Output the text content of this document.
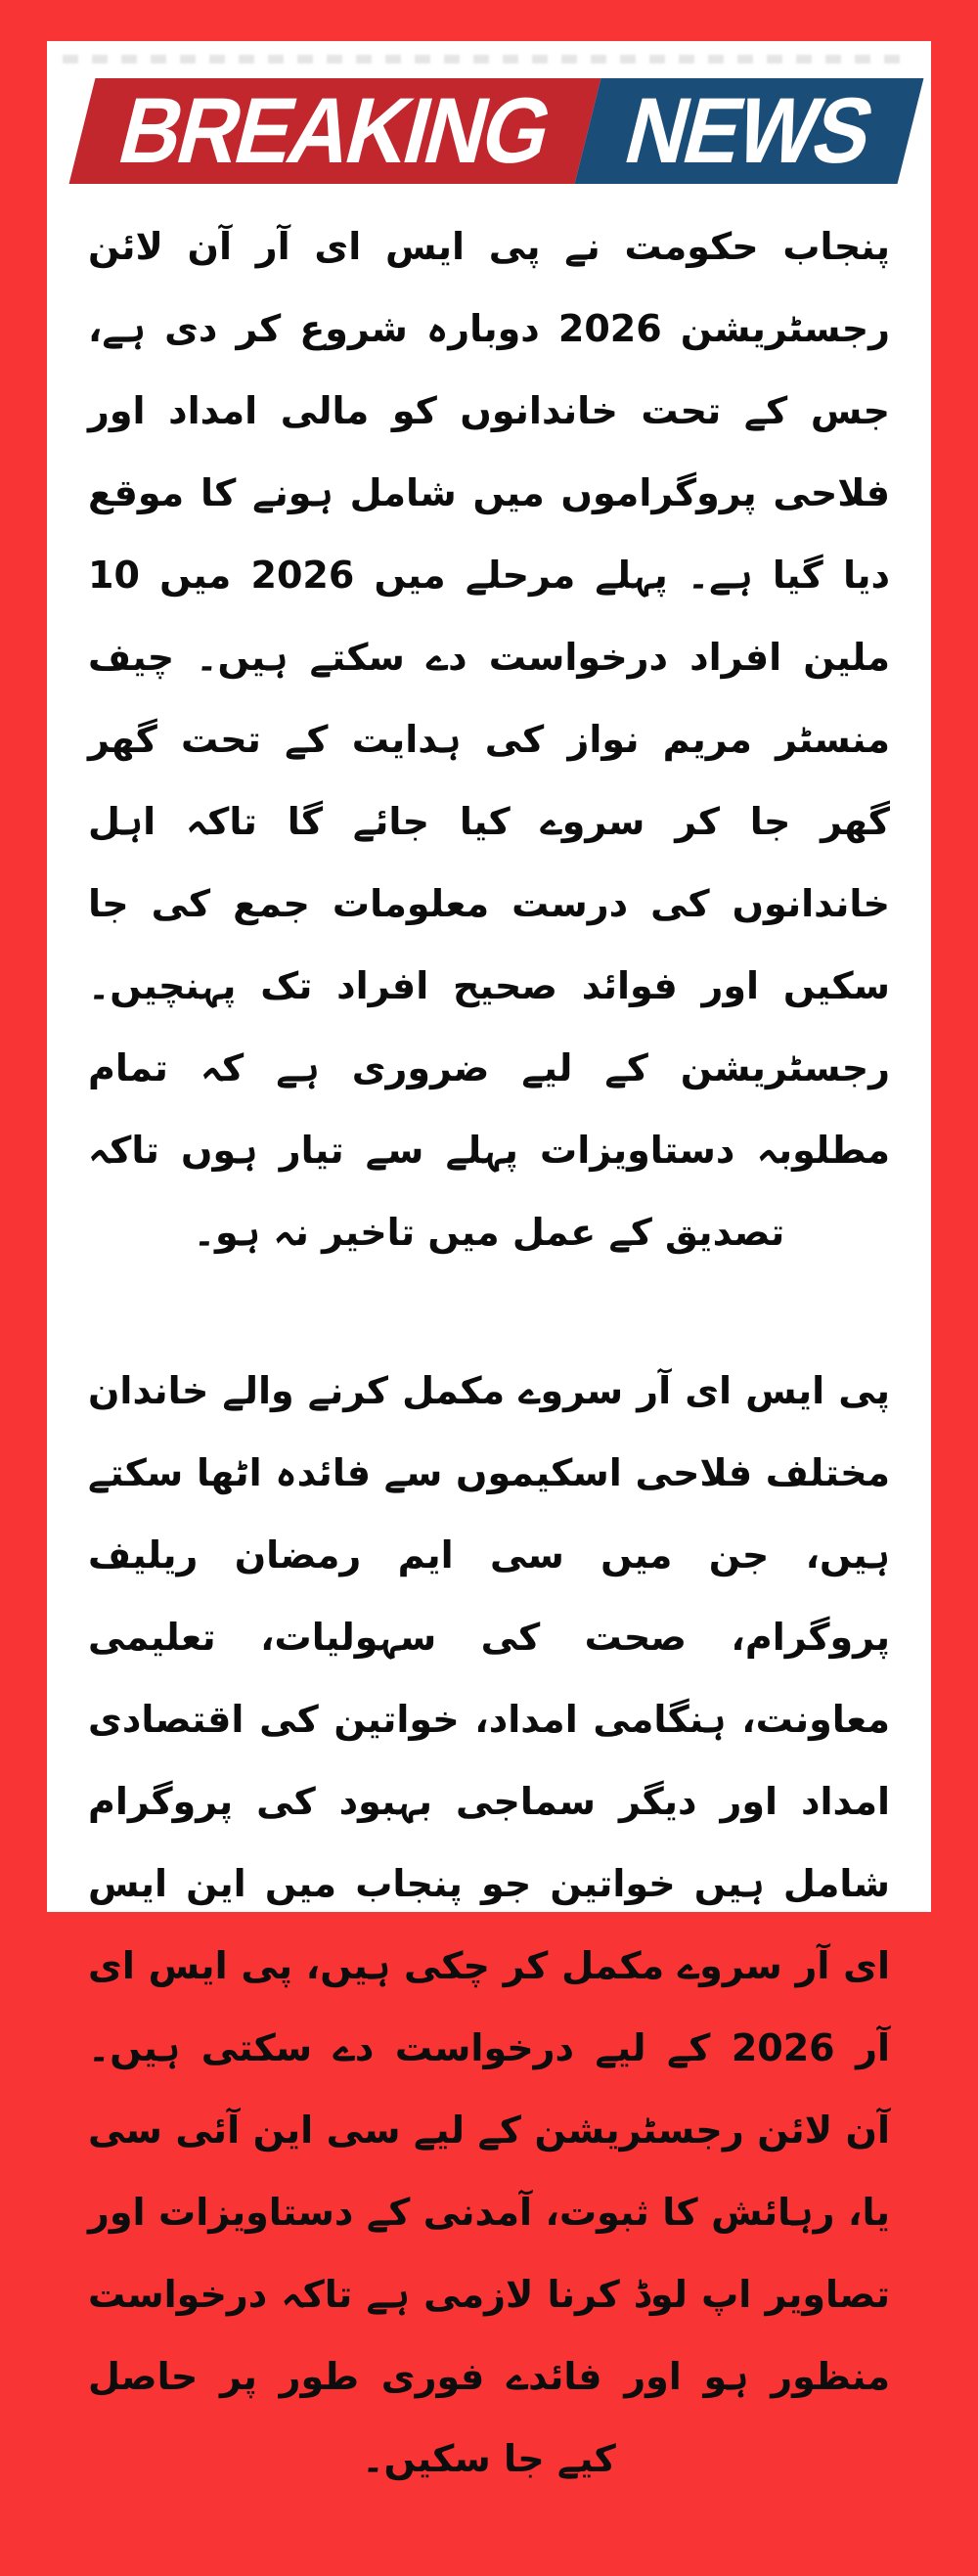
BREAKING NEWS

پنجاب حکومت نے پی ایس ای آر آن لائن رجسٹریشن 2026 دوبارہ شروع کر دی ہے، جس کے تحت خاندانوں کو مالی امداد اور فلاحی پروگراموں میں شامل ہونے کا موقع دیا گیا ہے۔ پہلے مرحلے میں 2026 میں 10 ملین افراد درخواست دے سکتے ہیں۔ چیف منسٹر مریم نواز کی ہدایت کے تحت گھر گھر جا کر سروے کیا جائے گا تاکہ اہل خاندانوں کی درست معلومات جمع کی جا سکیں اور فوائد صحیح افراد تک پہنچیں۔ رجسٹریشن کے لیے ضروری ہے کہ تمام مطلوبہ دستاویزات پہلے سے تیار ہوں تاکہ تصدیق کے عمل میں تاخیر نہ ہو۔

پی ایس ای آر سروے مکمل کرنے والے خاندان مختلف فلاحی اسکیموں سے فائدہ اٹھا سکتے ہیں، جن میں سی ایم رمضان ریلیف پروگرام، صحت کی سہولیات، تعلیمی معاونت، ہنگامی امداد، خواتین کی اقتصادی امداد اور دیگر سماجی بہبود کی پروگرام شامل ہیں خواتین جو پنجاب میں این ایس ای آر سروے مکمل کر چکی ہیں، پی ایس ای آر 2026 کے لیے درخواست دے سکتی ہیں۔ آن لائن رجسٹریشن کے لیے سی این آئی سی یا، رہائش کا ثبوت، آمدنی کے دستاویزات اور تصاویر اپ لوڈ کرنا لازمی ہے تاکہ درخواست منظور ہو اور فائدے فوری طور پر حاصل کیے جا سکیں۔
